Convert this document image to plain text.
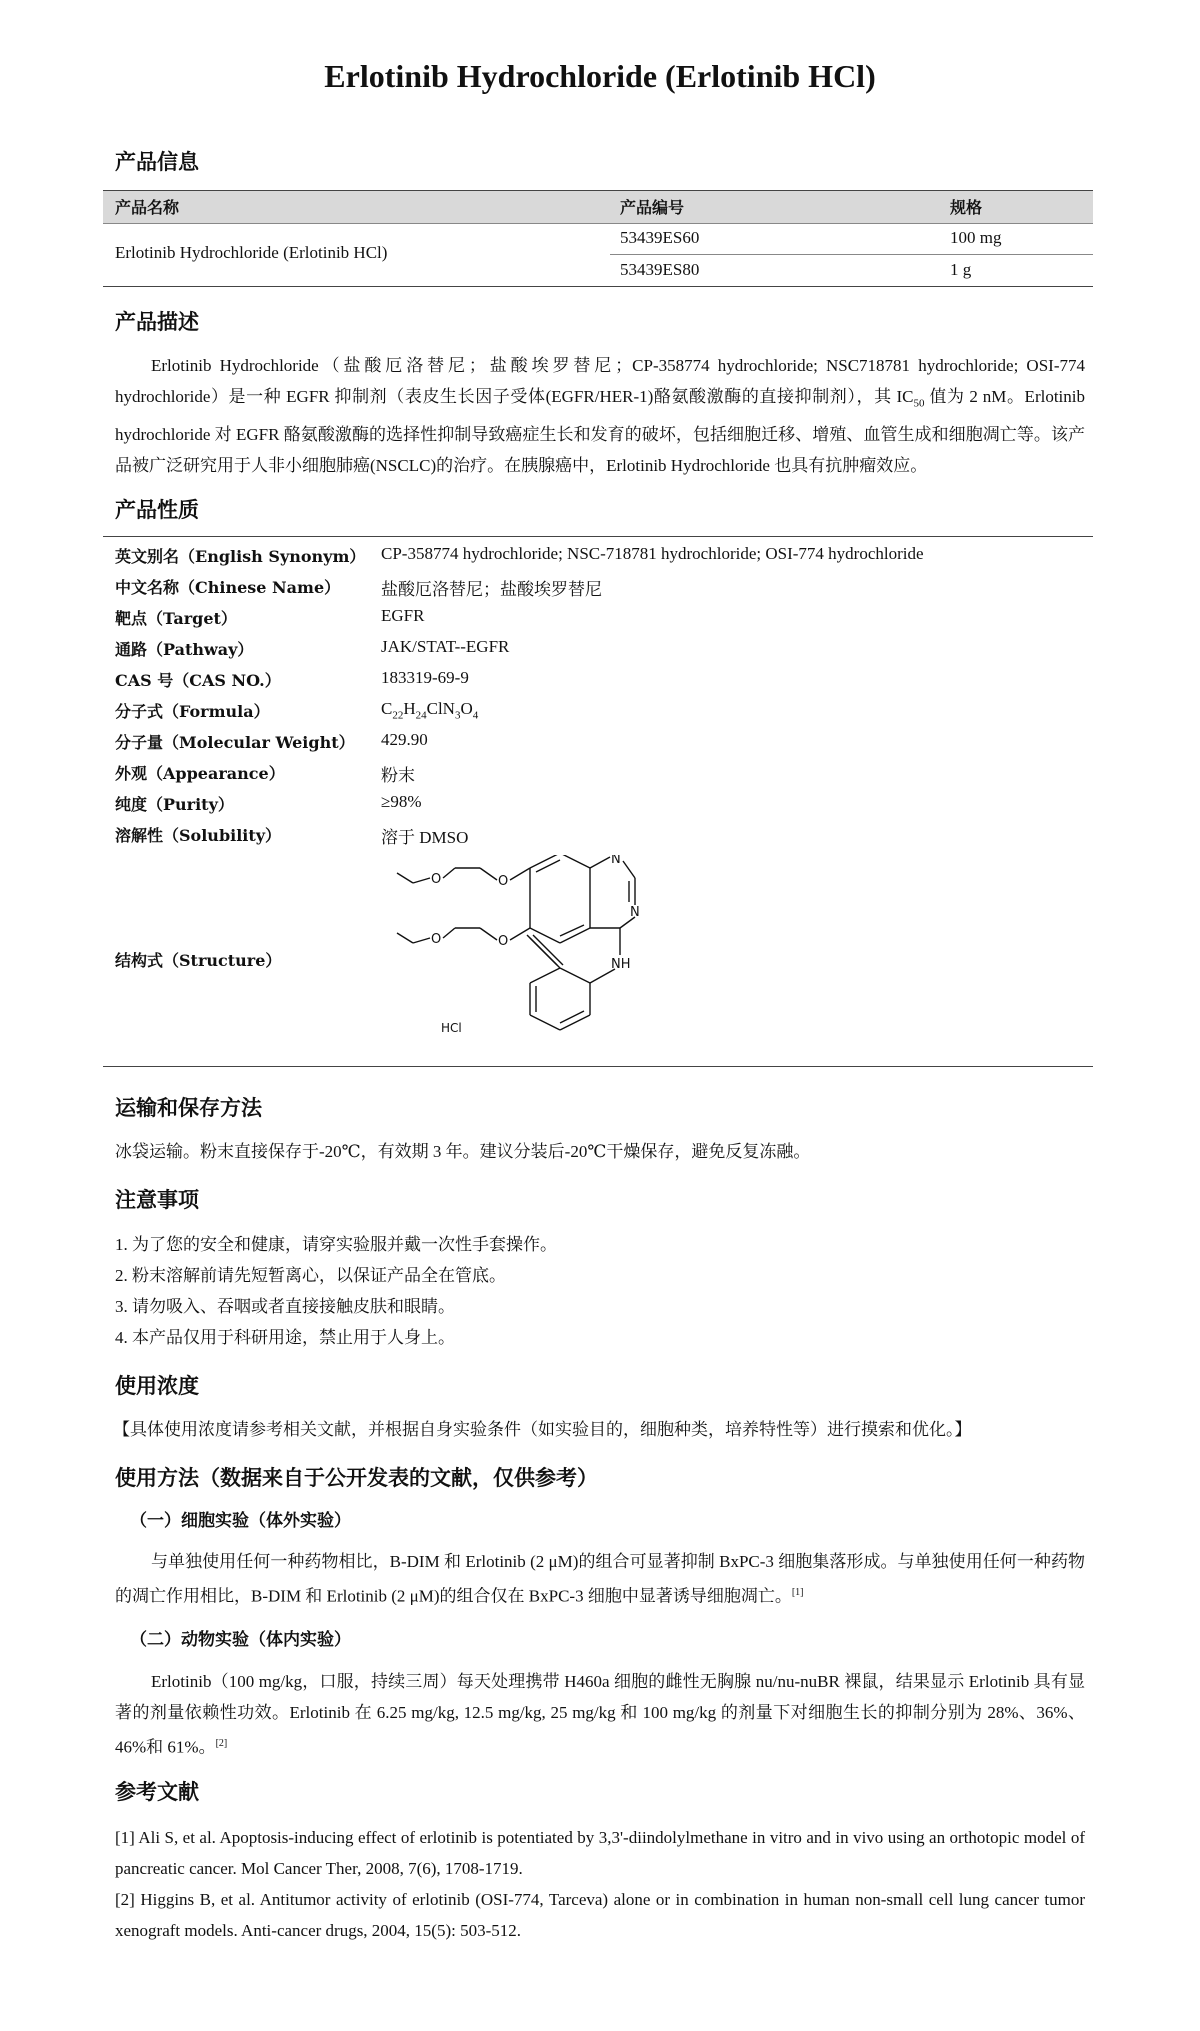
Erlotinib Hydrochloride (Erlotinib HCl)
产品信息
产品名称	产品编号	规格
Erlotinib Hydrochloride (Erlotinib HCl)
53439ES60	100 mg
53439ES80	1 g
产品描述
Erlotinib Hydrochloride（盐酸厄洛替尼；盐酸埃罗替尼；CP-358774 hydrochloride; NSC718781 hydrochloride; OSI-774 hydrochloride）是一种 EGFR 抑制剂（表皮生长因子受体(EGFR/HER-1)酪氨酸激酶的直接抑制剂），其 $IC_{50}$ 值为 2 nM。Erlotinib hydrochloride 对 EGFR 酪氨酸激酶的选择性抑制导致癌症生长和发育的破坏，包括细胞迁移、增殖、血管生成和细胞凋亡等。该产品被广泛研究用于人非小细胞肺癌(NSCLC)的治疗。在胰腺癌中，Erlotinib Hydrochloride 也具有抗肿瘤效应。
产品性质
英文别名（English Synonym） CP-358774 hydrochloride; NSC-718781 hydrochloride; OSI-774 hydrochloride
中文名称（Chinese Name） 盐酸厄洛替尼；盐酸埃罗替尼
靶点（Target）	EGFR
通路（Pathway）	JAK/STAT--EGFR
CAS 号（CAS NO.）	183319-69-9
分子式（Formula）	$C_{22}H_{24}ClN_3O_4$
分子量（Molecular Weight） 429.90
外观（Appearance）	粉末
纯度（Purity）	≥98%
溶解性（Solubility）	溶于 DMSO
结构式（Structure）
O	O
O	O
N
N
NH
HCl
运输和保存方法
冰袋运输。粉末直接保存于-20℃，有效期 3 年。建议分装后-20℃干燥保存，避免反复冻融。
注意事项
1. 为了您的安全和健康，请穿实验服并戴一次性手套操作。
2. 粉末溶解前请先短暂离心，以保证产品全在管底。
3. 请勿吸入、吞咽或者直接接触皮肤和眼睛。
4. 本产品仅用于科研用途，禁止用于人身上。
使用浓度
【具体使用浓度请参考相关文献，并根据自身实验条件（如实验目的，细胞种类，培养特性等）进行摸索和优化。】
使用方法（数据来自于公开发表的文献，仅供参考）
（一）细胞实验（体外实验）
与单独使用任何一种药物相比，B-DIM 和 Erlotinib (2 μM)的组合可显著抑制 BxPC-3 细胞集落形成。与单独使用任何一种药物的凋亡作用相比，B-DIM 和 Erlotinib (2 μM)的组合仅在 BxPC-3 细胞中显著诱导细胞凋亡。[1]
（二）动物实验（体内实验）
Erlotinib（100 mg/kg，口服，持续三周）每天处理携带 H460a 细胞的雌性无胸腺 nu/nu-nuBR 裸鼠，结果显示 Erlotinib 具有显著的剂量依赖性功效。Erlotinib 在 6.25 mg/kg, 12.5 mg/kg, 25 mg/kg 和 100 mg/kg 的剂量下对细胞生长的抑制分别为 28%、36%、46%和 61%。[2]
参考文献
[1] Ali S, et al. Apoptosis-inducing effect of erlotinib is potentiated by 3,3'-diindolylmethane in vitro and in vivo using an orthotopic model of pancreatic cancer. Mol Cancer Ther, 2008, 7(6), 1708-1719.
[2] Higgins B, et al. Antitumor activity of erlotinib (OSI-774, Tarceva) alone or in combination in human non-small cell lung cancer tumor xenograft models. Anti-cancer drugs, 2004, 15(5): 503-512.
